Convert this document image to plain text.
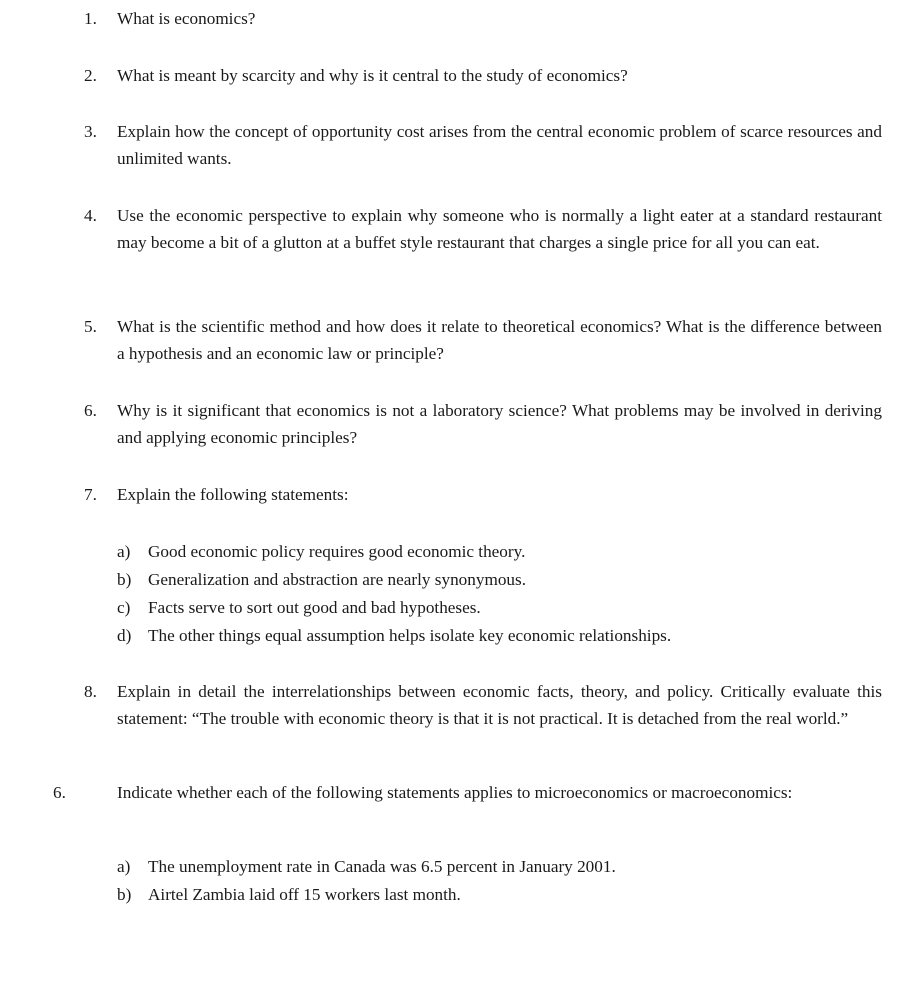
1. What is economics?
2. What is meant by scarcity and why is it central to the study of economics?
3. Explain how the concept of opportunity cost arises from the central economic problem of scarce resources and unlimited wants.
4. Use the economic perspective to explain why someone who is normally a light eater at a standard restaurant may become a bit of a glutton at a buffet style restaurant that charges a single price for all you can eat.
5. What is the scientific method and how does it relate to theoretical economics? What is the difference between a hypothesis and an economic law or principle?
6. Why is it significant that economics is not a laboratory science? What problems may be involved in deriving and applying economic principles?
7. Explain the following statements:
a) Good economic policy requires good economic theory.
b) Generalization and abstraction are nearly synonymous.
c) Facts serve to sort out good and bad hypotheses.
d) The other things equal assumption helps isolate key economic relationships.
8. Explain in detail the interrelationships between economic facts, theory, and policy. Critically evaluate this statement: “The trouble with economic theory is that it is not practical. It is detached from the real world.”
6.	Indicate whether each of the following statements applies to microeconomics or macroeconomics:
a) The unemployment rate in Canada was 6.5 percent in January 2001.
b) Airtel Zambia laid off 15 workers last month.
